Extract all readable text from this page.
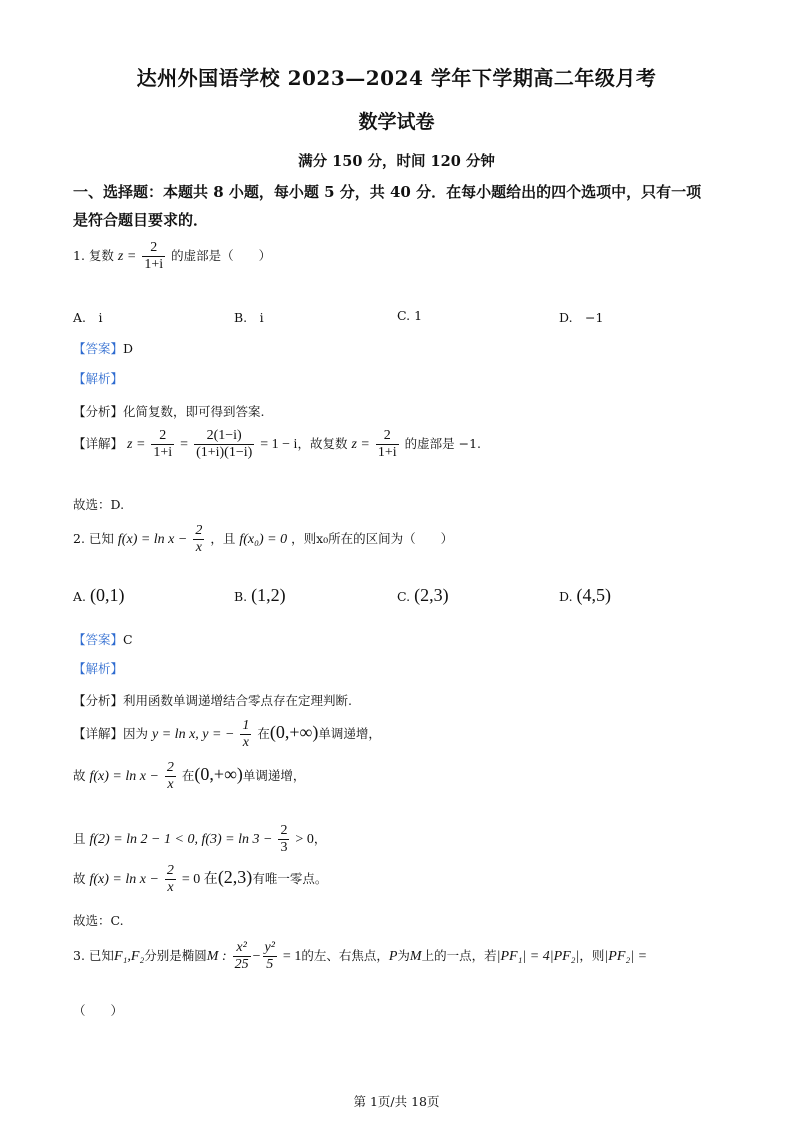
达州外国语学校 2023—2024 学年下学期高二年级月考
数学试卷
满分 150 分，时间 120 分钟
一、选择题：本题共 8 小题，每小题 5 分，共 40 分．在每小题给出的四个选项中，只有一项
是符合题目要求的．
1. 复数 $z = \frac{2}{1+i}$ 的虚部是（　　）
A.　i	B.　i	C. 1	D.　−1
【答案】D
【解析】
【分析】化简复数，即可得到答案.
【详解】 $z = \frac{2}{1+i} = \frac{2(1-i)}{(1+i)(1-i)} = 1 - i$，故复数 $z = \frac{2}{1+i}$ 的虚部是 −1.
故选：D.
2. 已知 $f(x) = \ln x - \frac{2}{x}$ ，且 f(x₀) = 0 ，则x₀所在的区间为（　　）
A. (0,1)	B. (1,2)	C. (2,3)	D. (4,5)
【答案】C
【解析】
【分析】利用函数单调递增结合零点存在定理判断.
【详解】因为 y = ln x, y = − $\frac{1}{x}$ 在(0,+∞)单调递增，
故 $f(x) = \ln x - \frac{2}{x}$ 在(0,+∞)单调递增，
且 f(2) = ln 2 − 1 < 0, $f(3) = \ln 3 - \frac{2}{3} > 0$，
故 $f(x) = \ln x - \frac{2}{x} = 0$ 在(2,3)有唯一零点。
故选：C.
3. 已知F₁,F₂分别是椭圆M : $\frac{\text{x²}}{25} - \frac{\text{y²}}{5} = 1$的左、右焦点，P为M上的一点，若|PF₁| = 4|PF₂|，则|PF₂| =
（　　）
第 1页/共 18页
